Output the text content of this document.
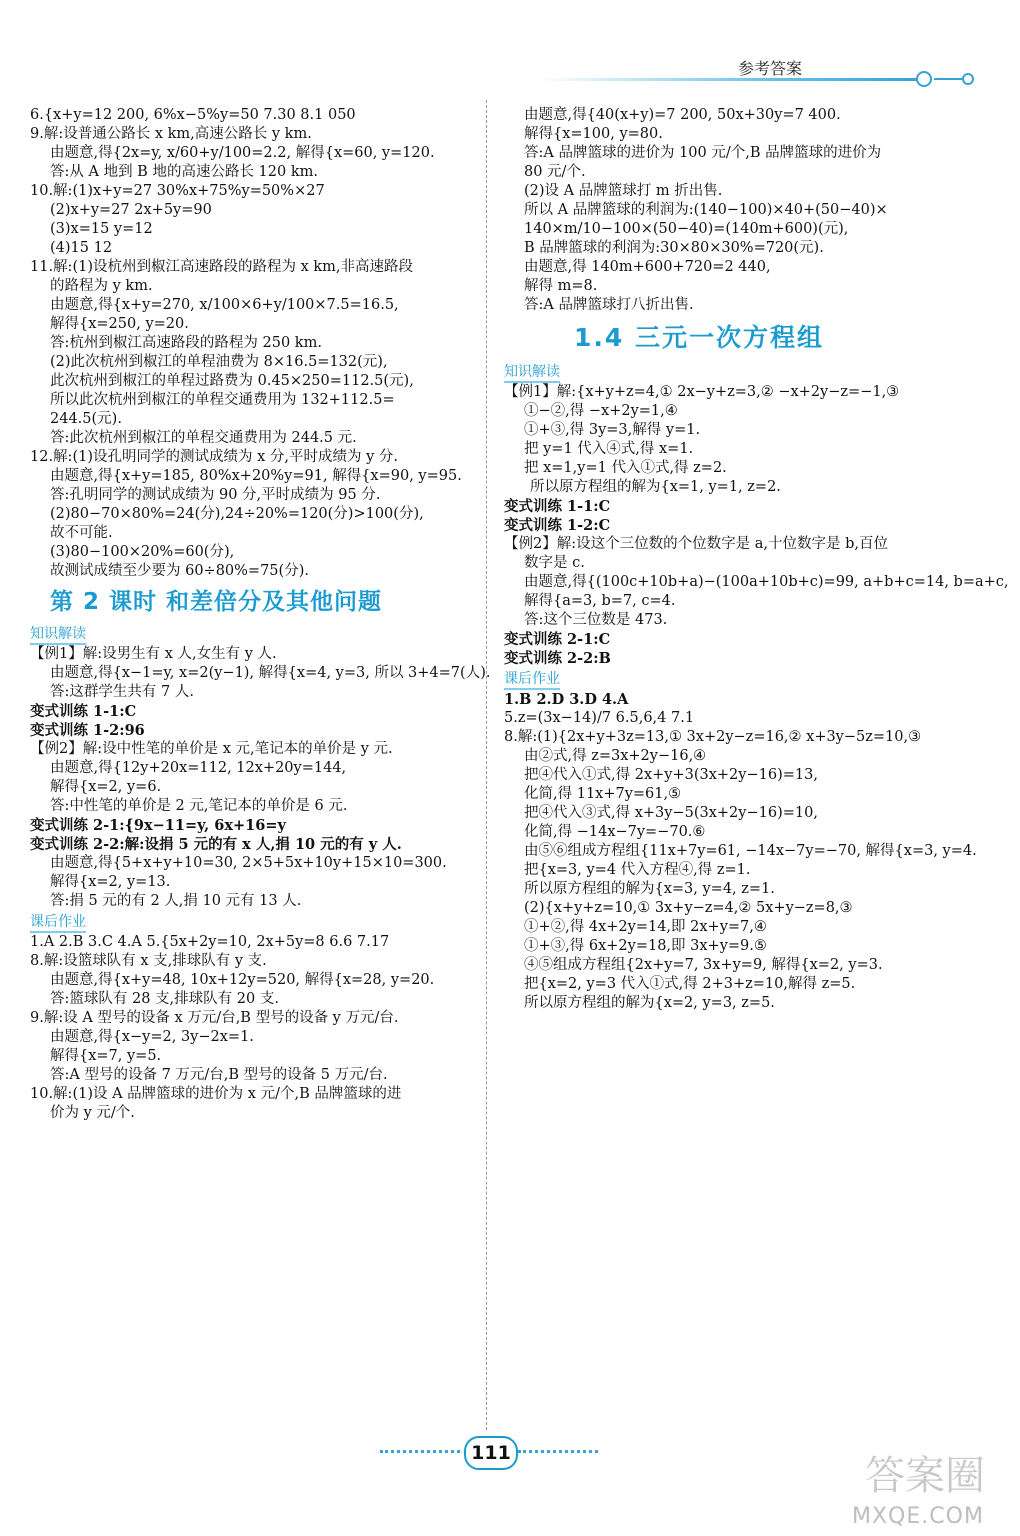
参考答案
6.{x+y=12 200, 6%x−5%y=50 7.30 8.1 050
9.解:设普通公路长 x km,高速公路长 y km.
由题意,得{2x=y, x/60+y/100=2.2, 解得{x=60, y=120.
答:从 A 地到 B 地的高速公路长 120 km.
10.解:(1)x+y=27 30%x+75%y=50%×27
(2)x+y=27 2x+5y=90
(3)x=15 y=12
(4)15 12
11.解:(1)设杭州到椒江高速路段的路程为 x km,非高速路段
的路程为 y km.
由题意,得{x+y=270, x/100×6+y/100×7.5=16.5,
解得{x=250, y=20.
答:杭州到椒江高速路段的路程为 250 km.
(2)此次杭州到椒江的单程油费为 8×16.5=132(元),
此次杭州到椒江的单程过路费为 0.45×250=112.5(元),
所以此次杭州到椒江的单程交通费用为 132+112.5=
244.5(元).
答:此次杭州到椒江的单程交通费用为 244.5 元.
12.解:(1)设孔明同学的测试成绩为 x 分,平时成绩为 y 分.
由题意,得{x+y=185, 80%x+20%y=91, 解得{x=90, y=95.
答:孔明同学的测试成绩为 90 分,平时成绩为 95 分.
(2)80−70×80%=24(分),24÷20%=120(分)>100(分),
故不可能.
(3)80−100×20%=60(分),
故测试成绩至少要为 60÷80%=75(分).
第 2 课时 和差倍分及其他问题
知识解读
【例1】解:设男生有 x 人,女生有 y 人.
由题意,得{x−1=y, x=2(y−1), 解得{x=4, y=3, 所以 3+4=7(人).
答:这群学生共有 7 人.
变式训练 1-1:C
变式训练 1-2:96
【例2】解:设中性笔的单价是 x 元,笔记本的单价是 y 元.
由题意,得{12y+20x=112, 12x+20y=144,
解得{x=2, y=6.
答:中性笔的单价是 2 元,笔记本的单价是 6 元.
变式训练 2-1:{9x−11=y, 6x+16=y
变式训练 2-2:解:设捐 5 元的有 x 人,捐 10 元的有 y 人.
由题意,得{5+x+y+10=30, 2×5+5x+10y+15×10=300.
解得{x=2, y=13.
答:捐 5 元的有 2 人,捐 10 元有 13 人.
课后作业
1.A 2.B 3.C 4.A 5.{5x+2y=10, 2x+5y=8 6.6 7.17
8.解:设篮球队有 x 支,排球队有 y 支.
由题意,得{x+y=48, 10x+12y=520, 解得{x=28, y=20.
答:篮球队有 28 支,排球队有 20 支.
9.解:设 A 型号的设备 x 万元/台,B 型号的设备 y 万元/台.
由题意,得{x−y=2, 3y−2x=1.
解得{x=7, y=5.
答:A 型号的设备 7 万元/台,B 型号的设备 5 万元/台.
10.解:(1)设 A 品牌篮球的进价为 x 元/个,B 品牌篮球的进
价为 y 元/个.
由题意,得{40(x+y)=7 200, 50x+30y=7 400.
解得{x=100, y=80.
答:A 品牌篮球的进价为 100 元/个,B 品牌篮球的进价为
80 元/个.
(2)设 A 品牌篮球打 m 折出售.
所以 A 品牌篮球的利润为:(140−100)×40+(50−40)×
140×m/10−100×(50−40)=(140m+600)(元),
B 品牌篮球的利润为:30×80×30%=720(元).
由题意,得 140m+600+720=2 440,
解得 m=8.
答:A 品牌篮球打八折出售.
1.4 三元一次方程组
知识解读
【例1】解:{x+y+z=4,① 2x−y+z=3,② −x+2y−z=−1,③
①−②,得 −x+2y=1,④
①+③,得 3y=3,解得 y=1.
把 y=1 代入④式,得 x=1.
把 x=1,y=1 代入①式,得 z=2.
所以原方程组的解为{x=1, y=1, z=2.
变式训练 1-1:C
变式训练 1-2:C
【例2】解:设这个三位数的个位数字是 a,十位数字是 b,百位
数字是 c.
由题意,得{(100c+10b+a)−(100a+10b+c)=99, a+b+c=14, b=a+c,
解得{a=3, b=7, c=4.
答:这个三位数是 473.
变式训练 2-1:C
变式训练 2-2:B
课后作业
1.B 2.D 3.D 4.A
5.z=(3x−14)/7 6.5,6,4 7.1
8.解:(1){2x+y+3z=13,① 3x+2y−z=16,② x+3y−5z=10,③
由②式,得 z=3x+2y−16,④
把④代入①式,得 2x+y+3(3x+2y−16)=13,
化简,得 11x+7y=61,⑤
把④代入③式,得 x+3y−5(3x+2y−16)=10,
化简,得 −14x−7y=−70.⑥
由⑤⑥组成方程组{11x+7y=61, −14x−7y=−70, 解得{x=3, y=4.
把{x=3, y=4 代入方程④,得 z=1.
所以原方程组的解为{x=3, y=4, z=1.
(2){x+y+z=10,① 3x+y−z=4,② 5x+y−z=8,③
①+②,得 4x+2y=14,即 2x+y=7,④
①+③,得 6x+2y=18,即 3x+y=9.⑤
④⑤组成方程组{2x+y=7, 3x+y=9, 解得{x=2, y=3.
把{x=2, y=3 代入①式,得 2+3+z=10,解得 z=5.
所以原方程组的解为{x=2, y=3, z=5.
111	答案圈
MXQE.COM
